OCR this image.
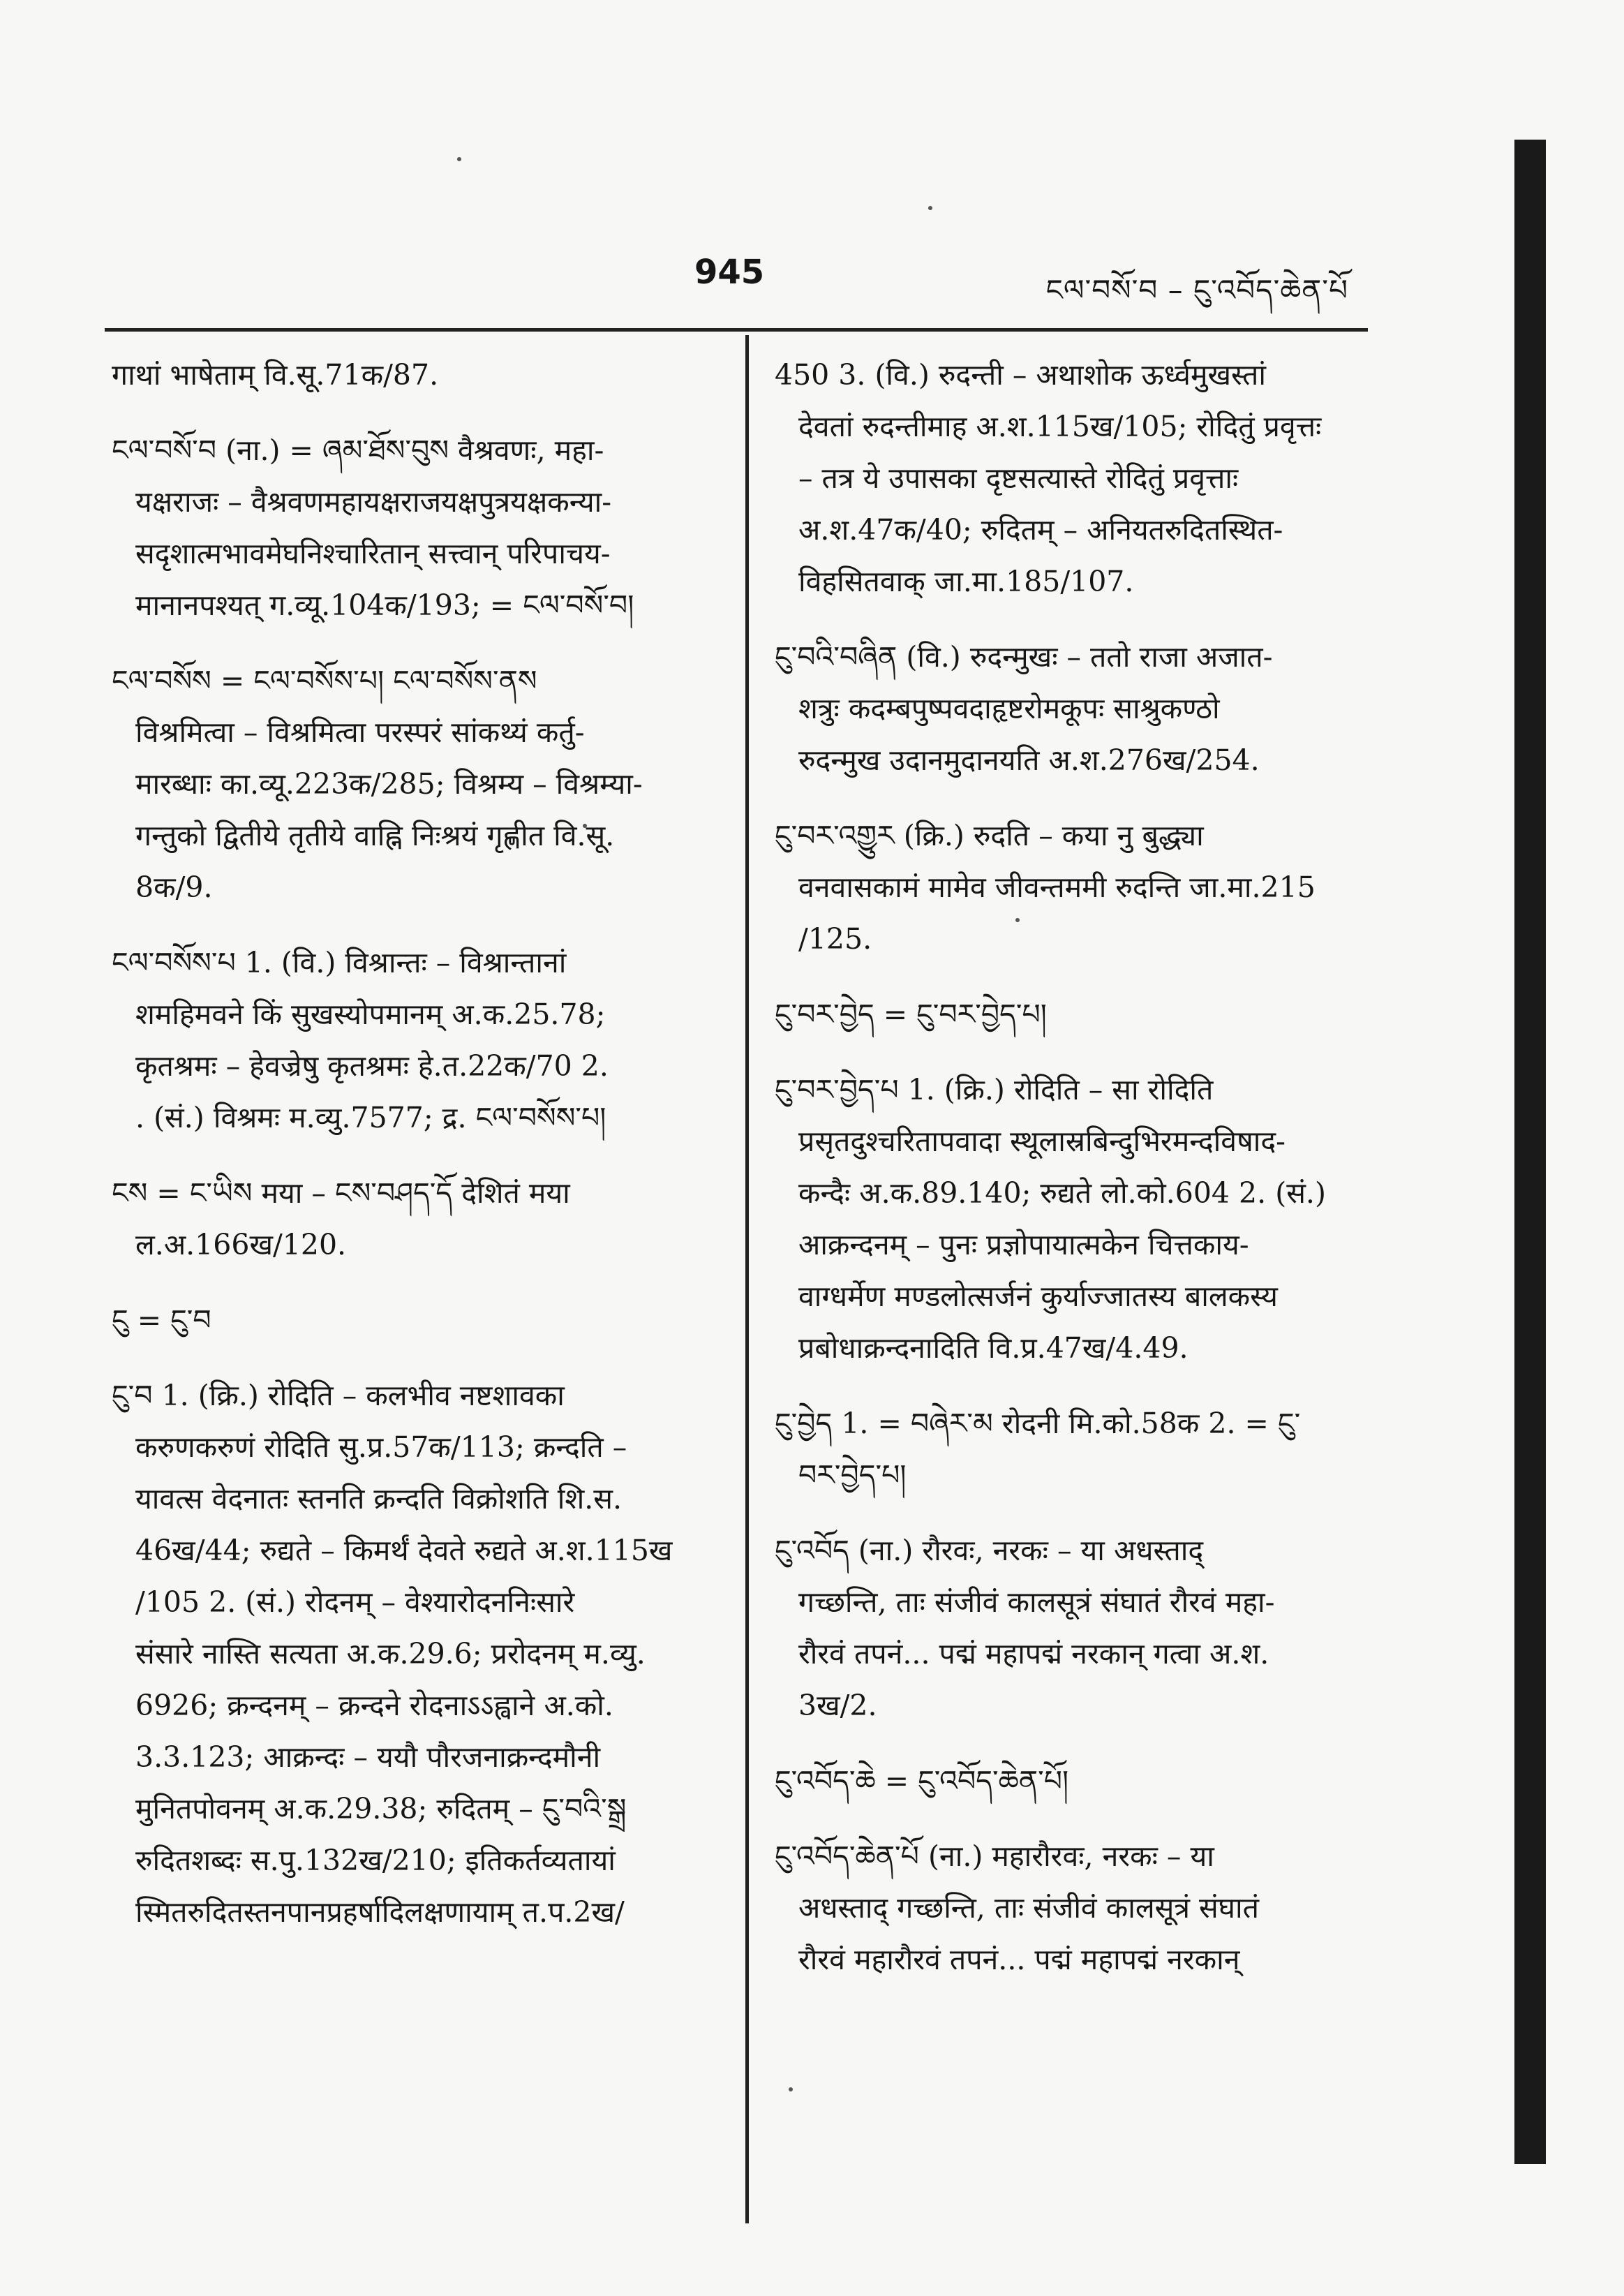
945	ངལ་བསོ་བ – ངུ་འབོད་ཆེན་པོ
गाथां भाषेताम् वि.सू.71क/87.
ངལ་བསོ་བ (ना.) = ཞམ་ཐོས་བུས वैश्रवणः, महा-
यक्षराजः – वैश्रवणमहायक्षराजयक्षपुत्रयक्षकन्या-
सदृशात्मभावमेघनिश्चारितान् सत्त्वान् परिपाचय-
मानानपश्यत् ग.व्यू.104क/193; = ངལ་བསོ་བ།
ངལ་བསོས = ངལ་བསོས་པ། ངལ་བསོས་ནས
विश्रमित्वा – विश्रमित्वा परस्परं सांकथ्यं कर्तु-
मारब्धाः का.व्यू.223क/285; विश्रम्य – विश्रम्या-
गन्तुको द्वितीये तृतीये वाह्नि निःश्रयं गृह्णीत वि.सू.
8क/9.
ངལ་བསོས་པ 1. (वि.) विश्रान्तः – विश्रान्तानां
शमहिमवने किं सुखस्योपमानम् अ.क.25.78;
कृतश्रमः – हेवज्रेषु कृतश्रमः हे.त.22क/70 2.
. (सं.) विश्रमः म.व्यु.7577; द्र. ངལ་བསོས་པ།
ངས = ང་ཡིས मया – ངས་བཤད་དོ देशितं मया
ल.अ.166ख/120.
ངུ = ངུ་བ
ངུ་བ 1. (क्रि.) रोदिति – कलभीव नष्टशावका
करुणकरुणं रोदिति सु.प्र.57क/113; क्रन्दति –
यावत्स वेदनातः स्तनति क्रन्दति विक्रोशति शि.स.
46ख/44; रुद्यते – किमर्थं देवते रुद्यते अ.श.115ख
/105 2. (सं.) रोदनम् – वेश्यारोदननिःसारे
संसारे नास्ति सत्यता अ.क.29.6; प्ररोदनम् म.व्यु.
6926; क्रन्दनम् – क्रन्दने रोदनाऽऽह्वाने अ.को.
3.3.123; आक्रन्दः – ययौ पौरजनाक्रन्दमौनी
मुनितपोवनम् अ.क.29.38; रुदितम् – ངུ་བའི་སྒྲ
रुदितशब्दः स.पु.132ख/210; इतिकर्तव्यतायां
स्मितरुदितस्तनपानप्रहर्षादिलक्षणायाम् त.प.2ख/
450 3. (वि.) रुदन्ती – अथाशोक ऊर्ध्वमुखस्तां
देवतां रुदन्तीमाह अ.श.115ख/105; रोदितुं प्रवृत्तः
– तत्र ये उपासका दृष्टसत्यास्ते रोदितुं प्रवृत्ताः
अ.श.47क/40; रुदितम् – अनियतरुदितस्थित-
विहसितवाक् जा.मा.185/107.
ངུ་བའི་བཞིན (वि.) रुदन्मुखः – ततो राजा अजात-
शत्रुः कदम्बपुष्पवदाहृष्टरोमकूपः साश्रुकण्ठो
रुदन्मुख उदानमुदानयति अ.श.276ख/254.
ངུ་བར་འགྱུར (क्रि.) रुदति – कया नु बुद्ध्या
वनवासकामं मामेव जीवन्तममी रुदन्ति जा.मा.215
/125.
ངུ་བར་བྱེད = ངུ་བར་བྱེད་པ།
ངུ་བར་བྱེད་པ 1. (क्रि.) रोदिति – सा रोदिति
प्रसृतदुश्चरितापवादा स्थूलास्रबिन्दुभिरमन्दविषाद-
कन्दैः अ.क.89.140; रुद्यते लो.को.604 2. (सं.)
आक्रन्दनम् – पुनः प्रज्ञोपायात्मकेन चित्तकाय-
वाग्धर्मेण मण्डलोत्सर्जनं कुर्याज्जातस्य बालकस्य
प्रबोधाक्रन्दनादिति वि.प्र.47ख/4.49.
ངུ་བྱེད 1. = བཞེར་མ रोदनी मि.को.58क 2. = ངུ་
བར་བྱེད་པ།
ངུ་འབོད (ना.) रौरवः, नरकः – या अधस्ताद्
गच्छन्ति, ताः संजीवं कालसूत्रं संघातं रौरवं महा-
रौरवं तपनं... पद्मं महापद्मं नरकान् गत्वा अ.श.
3ख/2.
ངུ་འབོད་ཆེ = ངུ་འབོད་ཆེན་པོ།
ངུ་འབོད་ཆེན་པོ (ना.) महारौरवः, नरकः – या
अधस्ताद् गच्छन्ति, ताः संजीवं कालसूत्रं संघातं
रौरवं महारौरवं तपनं... पद्मं महापद्मं नरकान्
